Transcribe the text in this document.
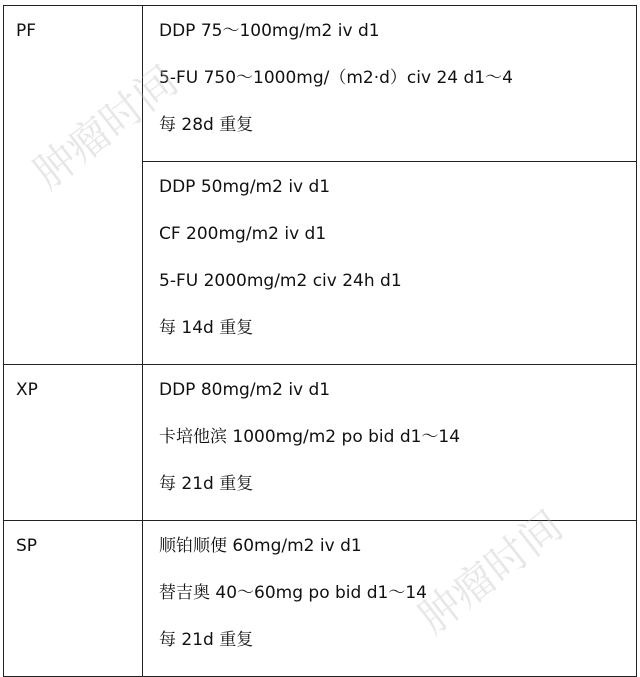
PF	DDP 75～100mg/m2 iv d1
5-FU 750～1000mg/（m2·d）civ 24 d1～4
每 28d 重复

	DDP 50mg/m2 iv d1
CF 200mg/m2 iv d1
5-FU 2000mg/m2 civ 24h d1
每 14d 重复

XP	DDP 80mg/m2 iv d1
卡培他滨 1000mg/m2 po bid d1～14
每 21d 重复

SP	顺铂顺便 60mg/m2 iv d1
替吉奥 40～60mg po bid d1～14
每 21d 重复
肿瘤时间
肿瘤时间
